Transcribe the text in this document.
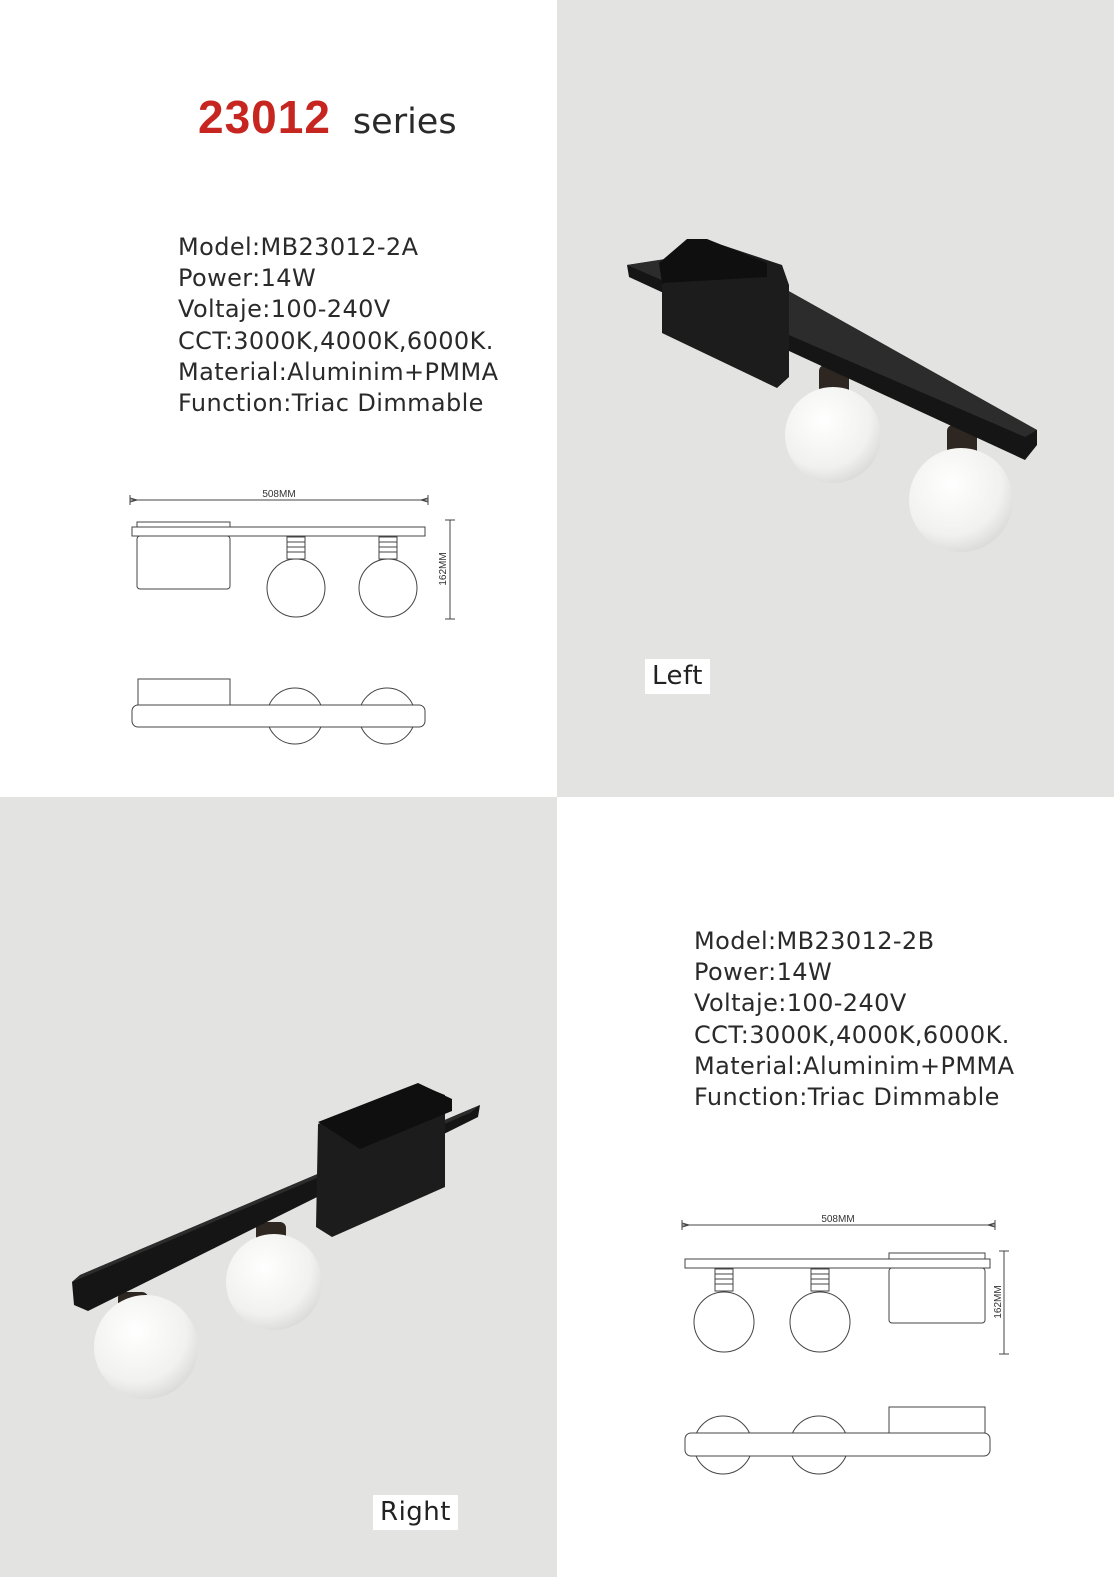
23012 series
Model:MB23012-2A
Power:14W
Voltaje:100-240V
CCT:3000K,4000K,6000K.
Material:Aluminim+PMMA
Function:Triac Dimmable
508MM
162MM
Left
Right
Model:MB23012-2B
Power:14W
Voltaje:100-240V
CCT:3000K,4000K,6000K.
Material:Aluminim+PMMA
Function:Triac Dimmable
508MM
162MM
